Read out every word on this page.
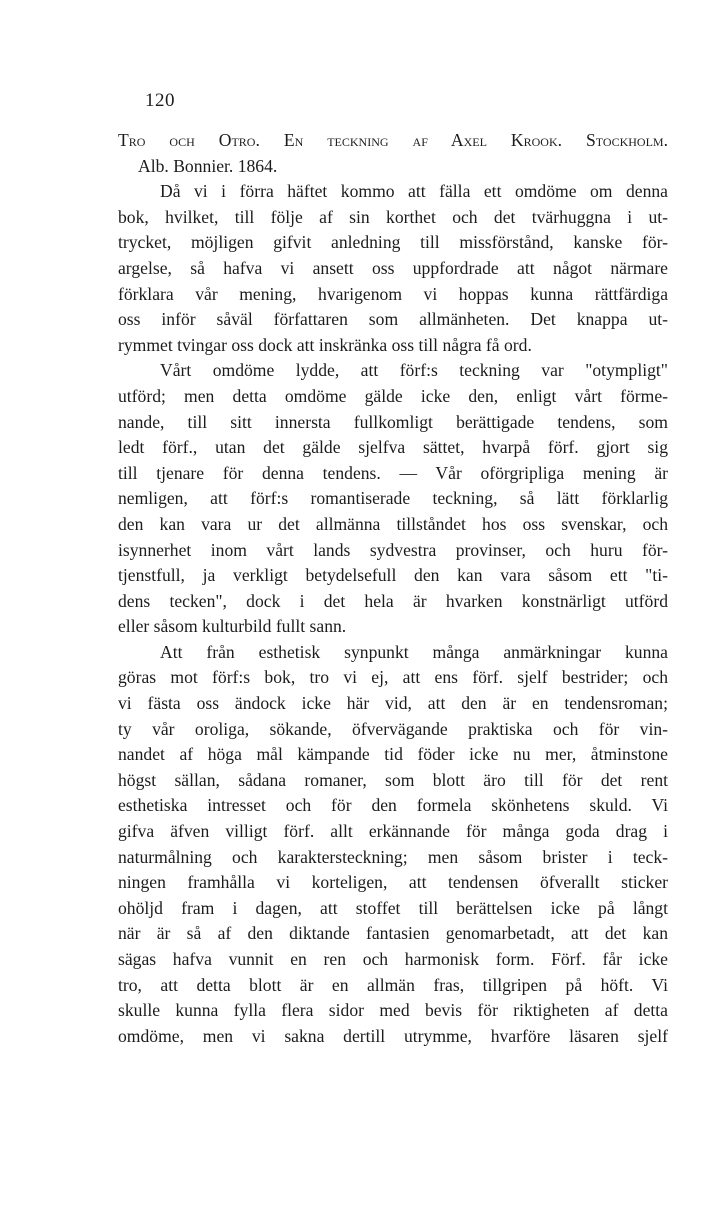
120
Tro och Otro. En teckning af Axel Krook. Stockholm.
Alb. Bonnier. 1864.
Då vi i förra häftet kommo att fälla ett omdöme om denna
bok, hvilket, till följe af sin korthet och det tvärhuggna i ut-
trycket, möjligen gifvit anledning till missförstånd, kanske för-
argelse, så hafva vi ansett oss uppfordrade att något närmare
förklara vår mening, hvarigenom vi hoppas kunna rättfärdiga
oss inför såväl författaren som allmänheten. Det knappa ut-
rymmet tvingar oss dock att inskränka oss till några få ord.
Vårt omdöme lydde, att förf:s teckning var "otympligt"
utförd; men detta omdöme gälde icke den, enligt vårt förme-
nande, till sitt innersta fullkomligt berättigade tendens, som
ledt förf., utan det gälde sjelfva sättet, hvarpå förf. gjort sig
till tjenare för denna tendens. — Vår oförgripliga mening är
nemligen, att förf:s romantiserade teckning, så lätt förklarlig
den kan vara ur det allmänna tillståndet hos oss svenskar, och
isynnerhet inom vårt lands sydvestra provinser, och huru för-
tjenstfull, ja verkligt betydelsefull den kan vara såsom ett "ti-
dens tecken", dock i det hela är hvarken konstnärligt utförd
eller såsom kulturbild fullt sann.
Att från esthetisk synpunkt många anmärkningar kunna
göras mot förf:s bok, tro vi ej, att ens förf. sjelf bestrider; och
vi fästa oss ändock icke här vid, att den är en tendensroman;
ty vår oroliga, sökande, öfvervägande praktiska och för vin-
nandet af höga mål kämpande tid föder icke nu mer, åtminstone
högst sällan, sådana romaner, som blott äro till för det rent
esthetiska intresset och för den formela skönhetens skuld. Vi
gifva äfven villigt förf. allt erkännande för många goda drag i
naturmålning och karaktersteckning; men såsom brister i teck-
ningen framhålla vi korteligen, att tendensen öfverallt sticker
ohöljd fram i dagen, att stoffet till berättelsen icke på långt
när är så af den diktande fantasien genomarbetadt, att det kan
sägas hafva vunnit en ren och harmonisk form. Förf. får icke
tro, att detta blott är en allmän fras, tillgripen på höft. Vi
skulle kunna fylla flera sidor med bevis för riktigheten af detta
omdöme, men vi sakna dertill utrymme, hvarföre läsaren sjelf
